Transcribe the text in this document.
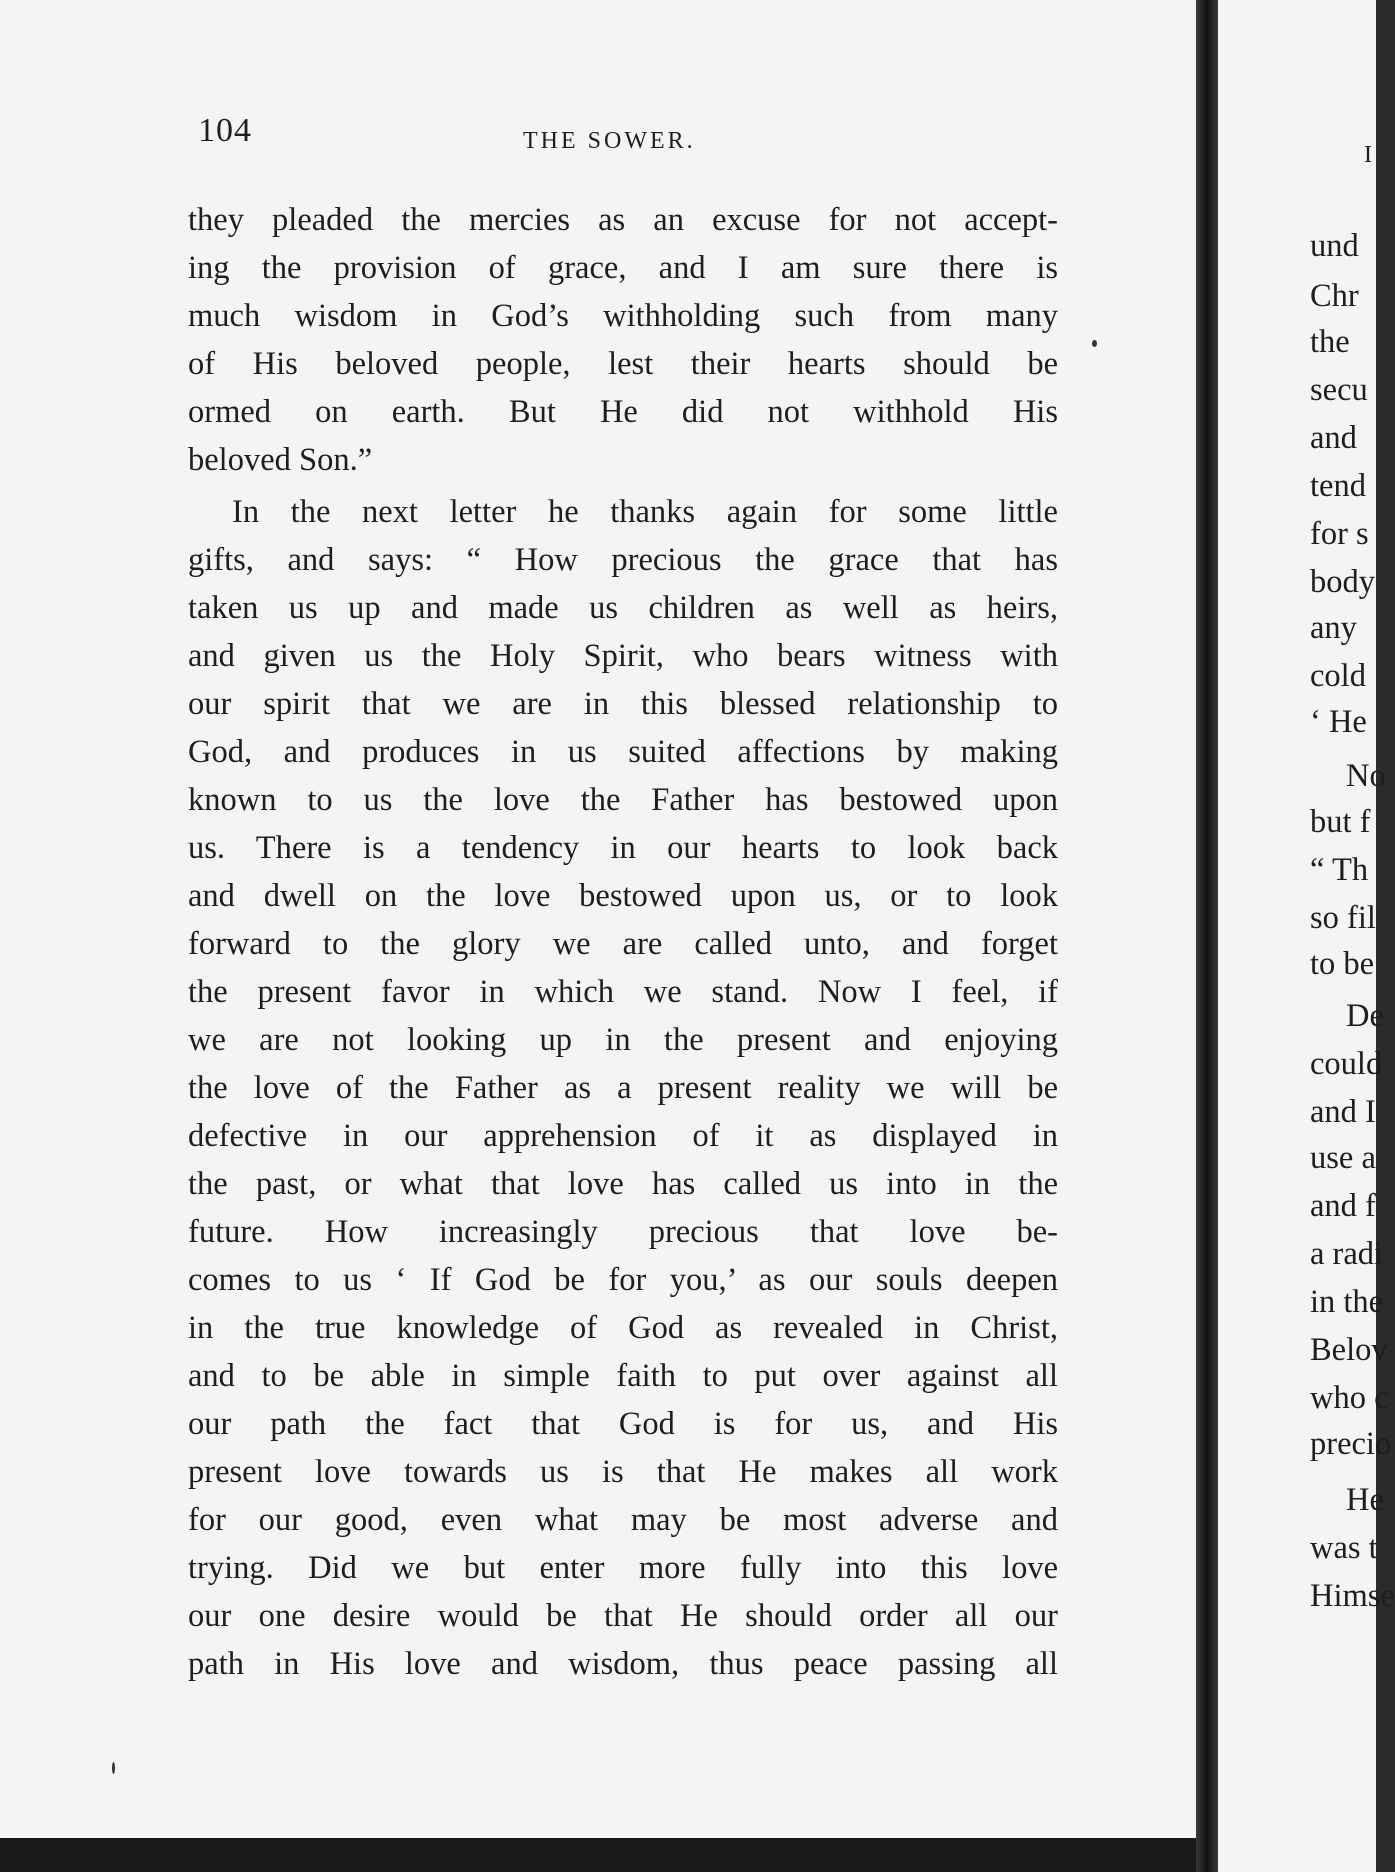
104	THE SOWER.
they pleaded the mercies as an excuse for not accept-
ing the provision of grace, and I am sure there is
much wisdom in God’s withholding such from many
of His beloved people, lest their hearts should be
ormed on earth. But He did not withhold His
beloved Son.”
In the next letter he thanks again for some little
gifts, and says: “ How precious the grace that has
taken us up and made us children as well as heirs,
and given us the Holy Spirit, who bears witness with
our spirit that we are in this blessed relationship to
God, and produces in us suited affections by making
known to us the love the Father has bestowed upon
us. There is a tendency in our hearts to look back
and dwell on the love bestowed upon us, or to look
forward to the glory we are called unto, and forget
the present favor in which we stand. Now I feel, if
we are not looking up in the present and enjoying
the love of the Father as a present reality we will be
defective in our apprehension of it as displayed in
the past, or what that love has called us into in the
future. How increasingly precious that love be-
comes to us ‘ If God be for you,’ as our souls deepen
in the true knowledge of God as revealed in Christ,
and to be able in simple faith to put over against all
our path the fact that God is for us, and His
present love towards us is that He makes all work
for our good, even what may be most adverse and
trying. Did we but enter more fully into this love
our one desire would be that He should order all our
path in His love and wisdom, thus peace passing all
I
und
Chr
the
secu
and
tend
for s
body
any
cold
‘ He
No
but f
“ Th
so fil
to be
De
could
and I
use a
and f
a radi
in the
Belov
who c
precio
He
was t
Himse
